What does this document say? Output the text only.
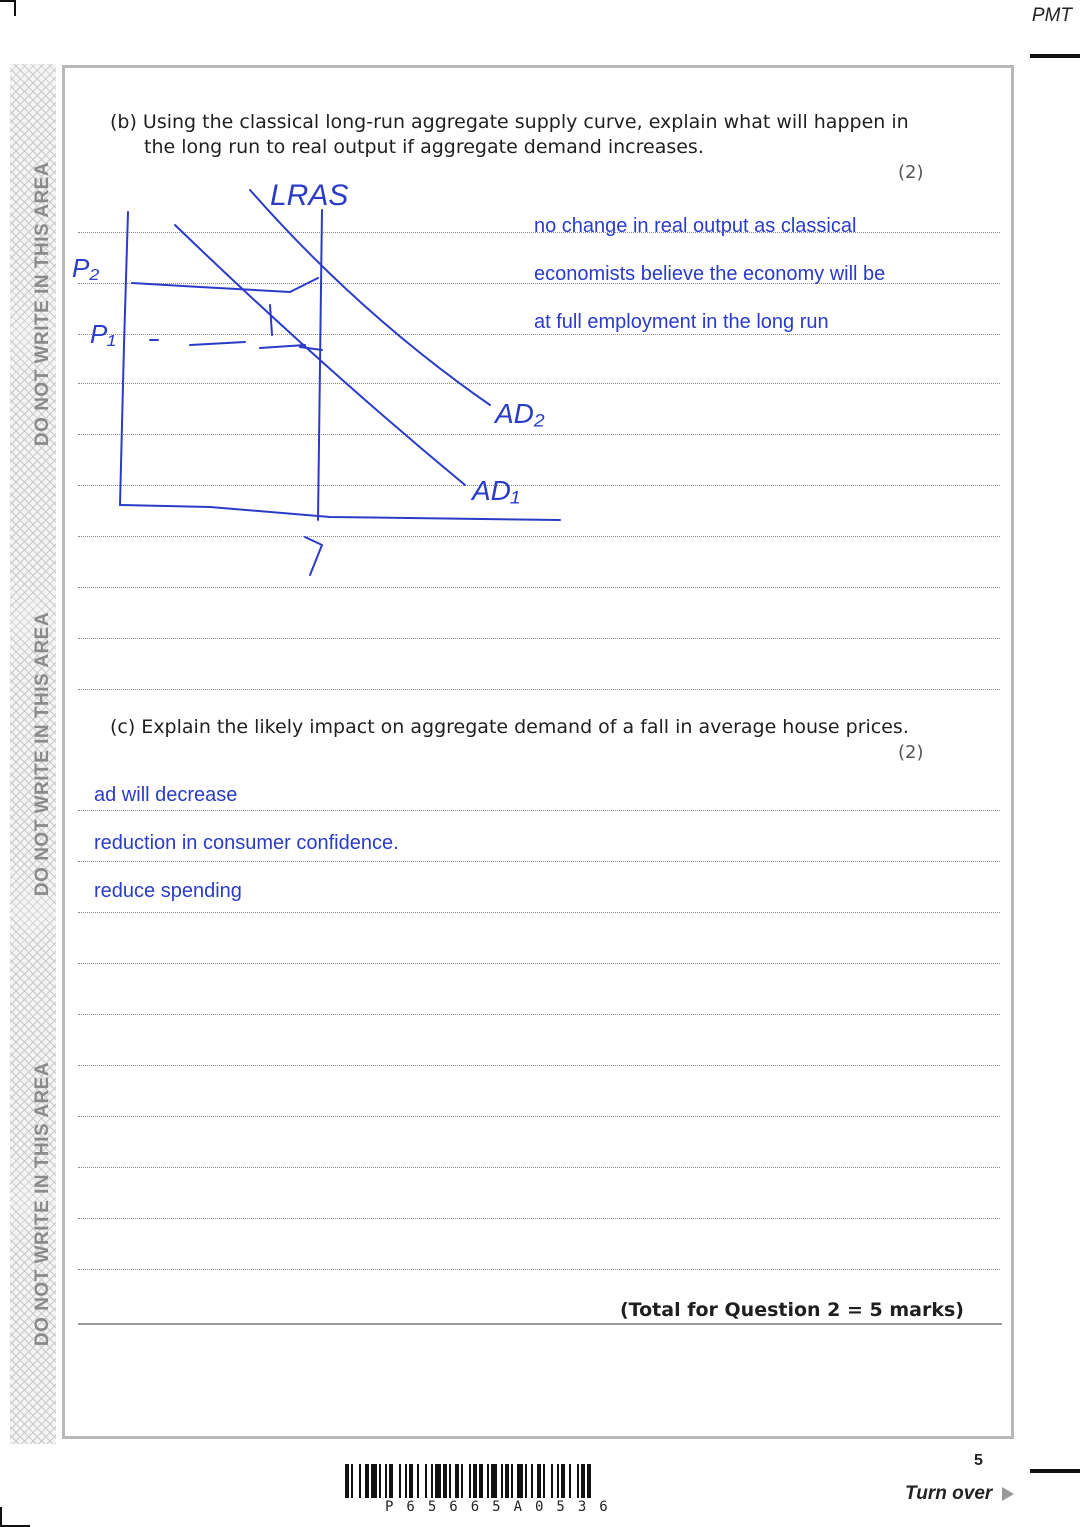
PMT
DO NOT WRITE IN THIS AREA
DO NOT WRITE IN THIS AREA
DO NOT WRITE IN THIS AREA
(b) Using the classical long-run aggregate supply curve, explain what will happen in
the long run to real output if aggregate demand increases.
(2)
no change in real output as classical
economists believe the economy will be
at full employment in the long run
LRAS
P₂
P₁
AD₂
AD₁
(c) Explain the likely impact on aggregate demand of a fall in average house prices.
(2)
ad will decrease
reduction in consumer confidence.
reduce spending
(Total for Question 2 = 5 marks)
5
Turn over
P65665A0536
